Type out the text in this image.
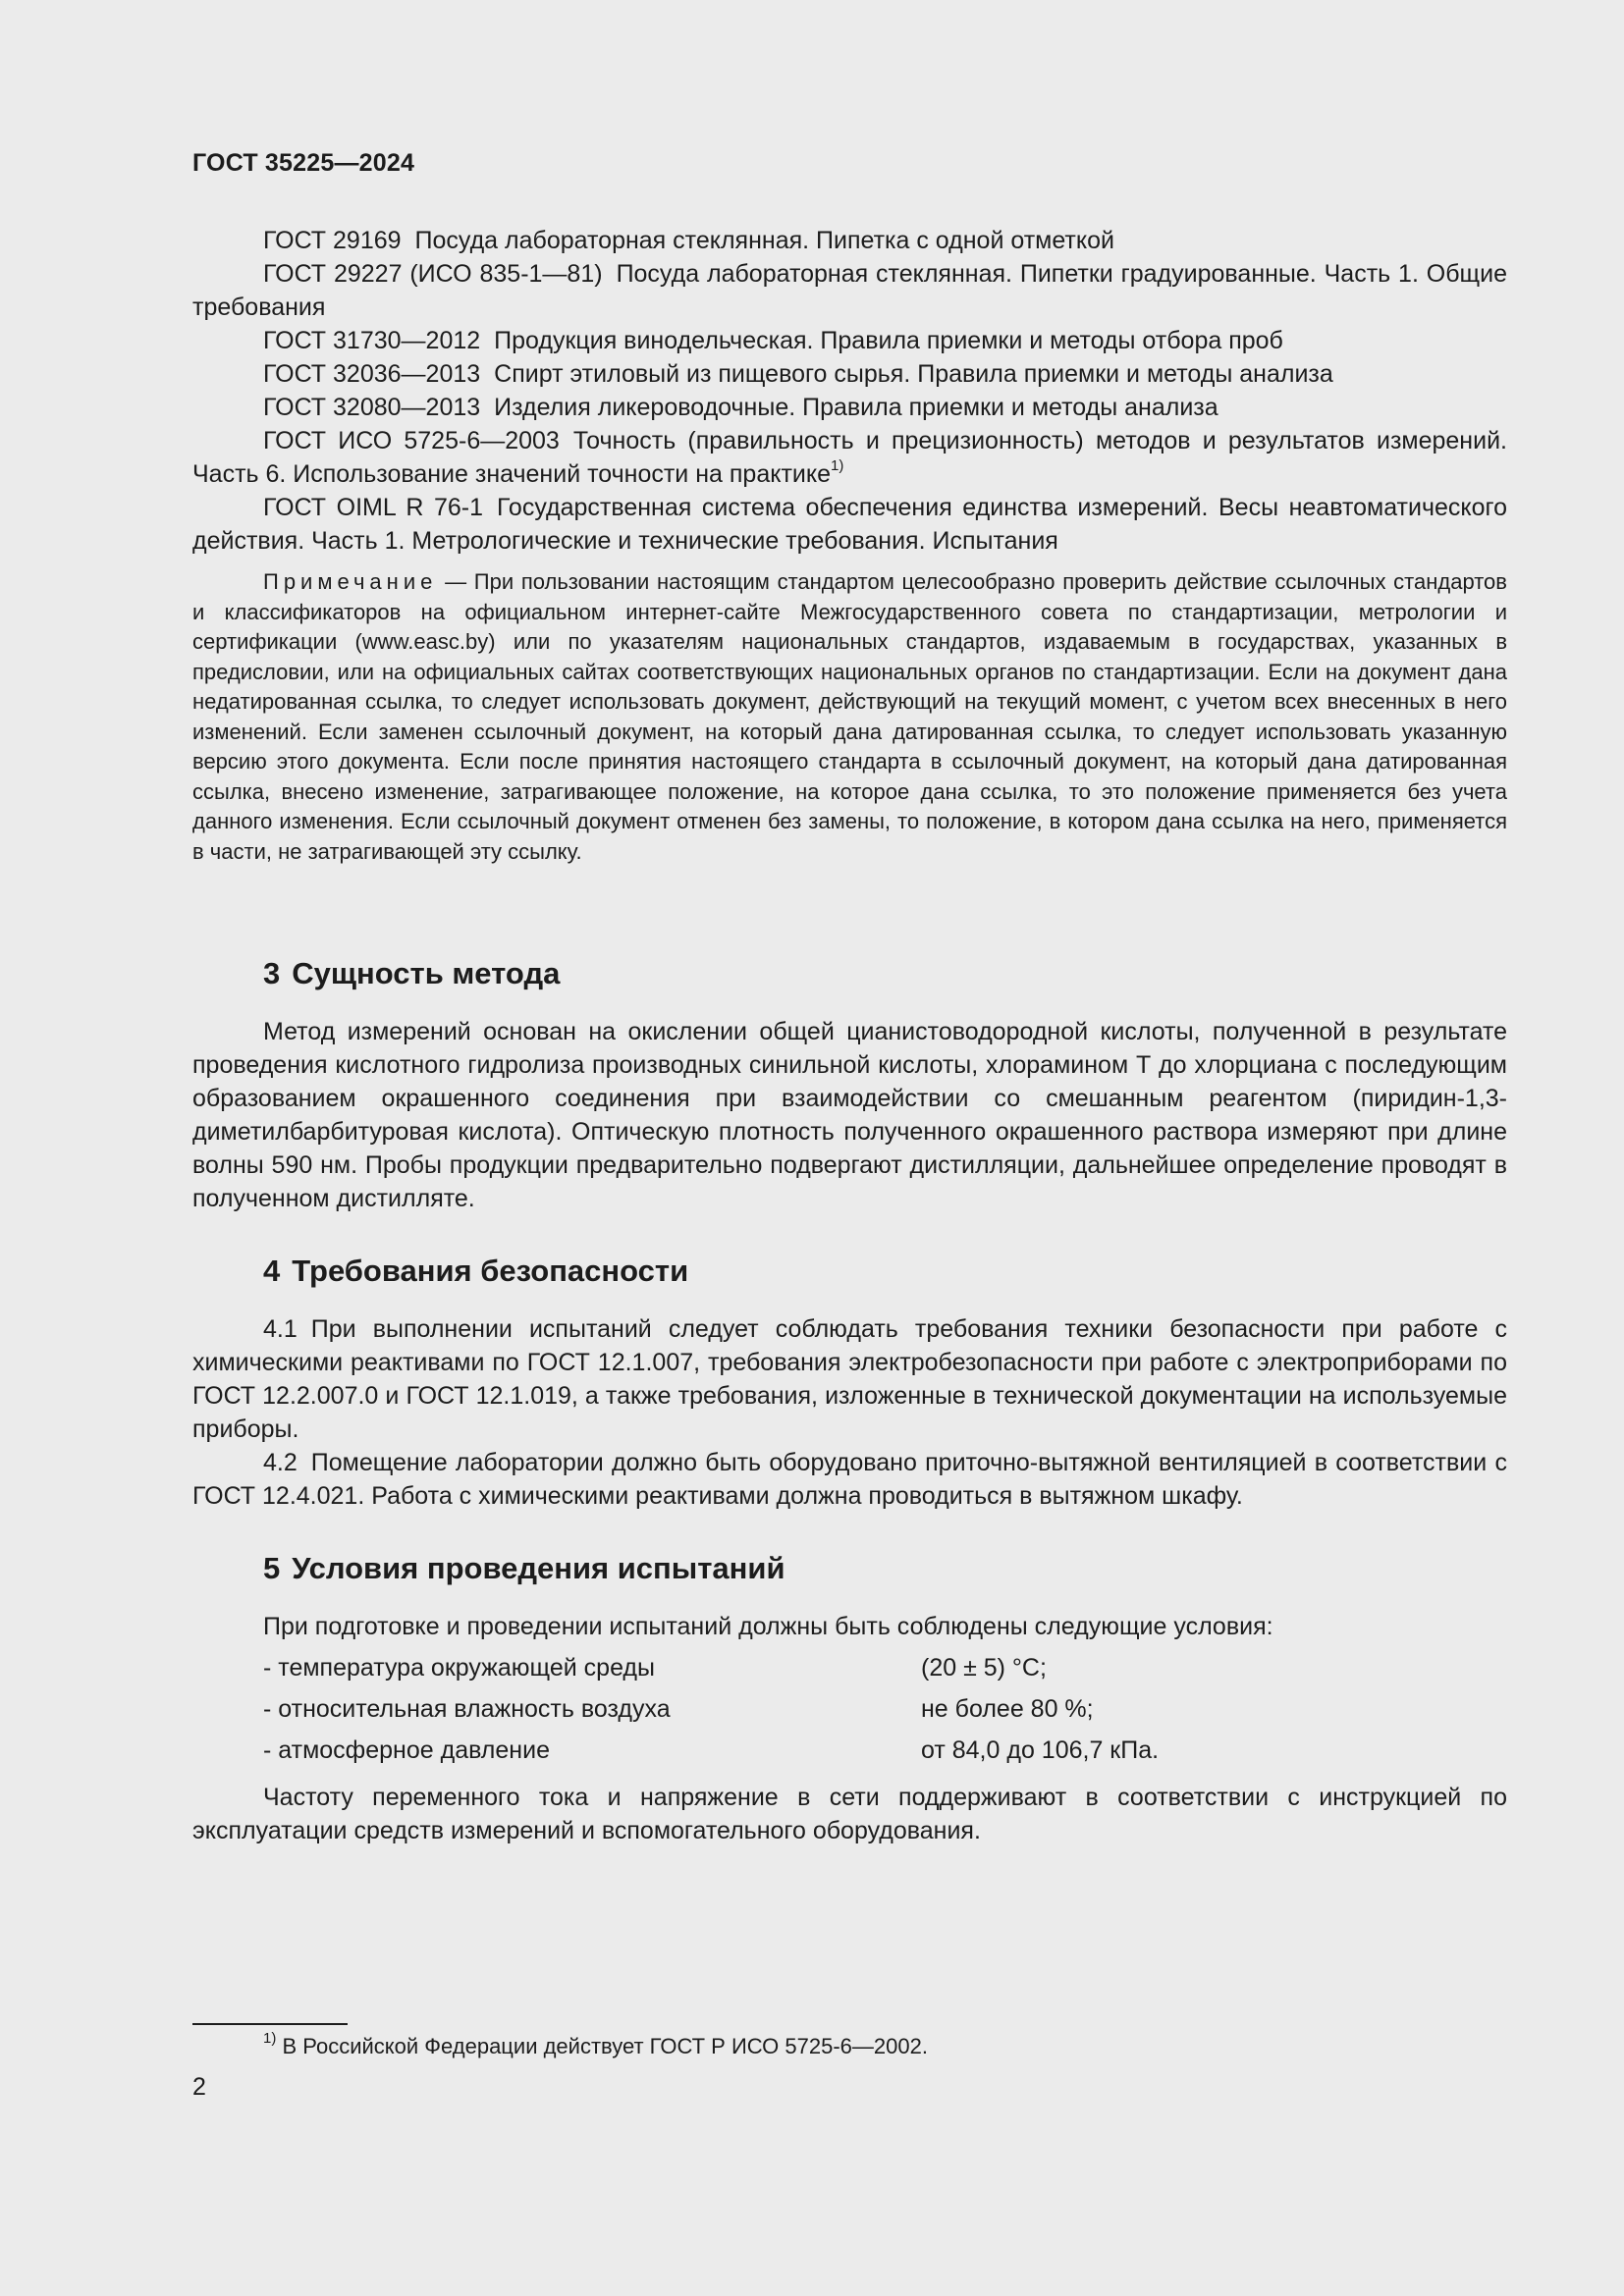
ГОСТ 35225—2024

ГОСТ 29169 Посуда лабораторная стеклянная. Пипетка с одной отметкой

ГОСТ 29227 (ИСО 835-1—81) Посуда лабораторная стеклянная. Пипетки градуированные. Часть 1. Общие требования

ГОСТ 31730—2012 Продукция винодельческая. Правила приемки и методы отбора проб

ГОСТ 32036—2013 Спирт этиловый из пищевого сырья. Правила приемки и методы анализа

ГОСТ 32080—2013 Изделия ликероводочные. Правила приемки и методы анализа

ГОСТ ИСО 5725-6—2003 Точность (правильность и прецизионность) методов и результатов измерений. Часть 6. Использование значений точности на практике$^{1)}$

ГОСТ OIML R 76-1 Государственная система обеспечения единства измерений. Весы неавтоматического действия. Часть 1. Метрологические и технические требования. Испытания

Примечание — При пользовании настоящим стандартом целесообразно проверить действие ссылочных стандартов и классификаторов на официальном интернет-сайте Межгосударственного совета по стандартизации, метрологии и сертификации (www.easc.by) или по указателям национальных стандартов, издаваемым в государствах, указанных в предисловии, или на официальных сайтах соответствующих национальных органов по стандартизации. Если на документ дана недатированная ссылка, то следует использовать документ, действующий на текущий момент, с учетом всех внесенных в него изменений. Если заменен ссылочный документ, на который дана датированная ссылка, то следует использовать указанную версию этого документа. Если после принятия настоящего стандарта в ссылочный документ, на который дана датированная ссылка, внесено изменение, затрагивающее положение, на которое дана ссылка, то это положение применяется без учета данного изменения. Если ссылочный документ отменен без замены, то положение, в котором дана ссылка на него, применяется в части, не затрагивающей эту ссылку.
3 Сущность метода

Метод измерений основан на окислении общей цианистоводородной кислоты, полученной в результате проведения кислотного гидролиза производных синильной кислоты, хлорамином Т до хлорциана с последующим образованием окрашенного соединения при взаимодействии со смешанным реагентом (пиридин-1,3-диметилбарбитуровая кислота). Оптическую плотность полученного окрашенного раствора измеряют при длине волны 590 нм. Пробы продукции предварительно подвергают дистилляции, дальнейшее определение проводят в полученном дистилляте.

4 Требования безопасности

4.1 При выполнении испытаний следует соблюдать требования техники безопасности при работе с химическими реактивами по ГОСТ 12.1.007, требования электробезопасности при работе с электроприборами по ГОСТ 12.2.007.0 и ГОСТ 12.1.019, а также требования, изложенные в технической документации на используемые приборы.

4.2 Помещение лаборатории должно быть оборудовано приточно-вытяжной вентиляцией в соответствии с ГОСТ 12.4.021. Работа с химическими реактивами должна проводиться в вытяжном шкафу.

5 Условия проведения испытаний

При подготовке и проведении испытаний должны быть соблюдены следующие условия:

- температура окружающей среды	(20 ± 5) °С;
- относительная влажность воздуха	не более 80 %;
- атмосферное давление	от 84,0 до 106,7 кПа.

Частоту переменного тока и напряжение в сети поддерживают в соответствии с инструкцией по эксплуатации средств измерений и вспомогательного оборудования.

$^{1)}$ В Российской Федерации действует ГОСТ Р ИСО 5725-6—2002.
2
